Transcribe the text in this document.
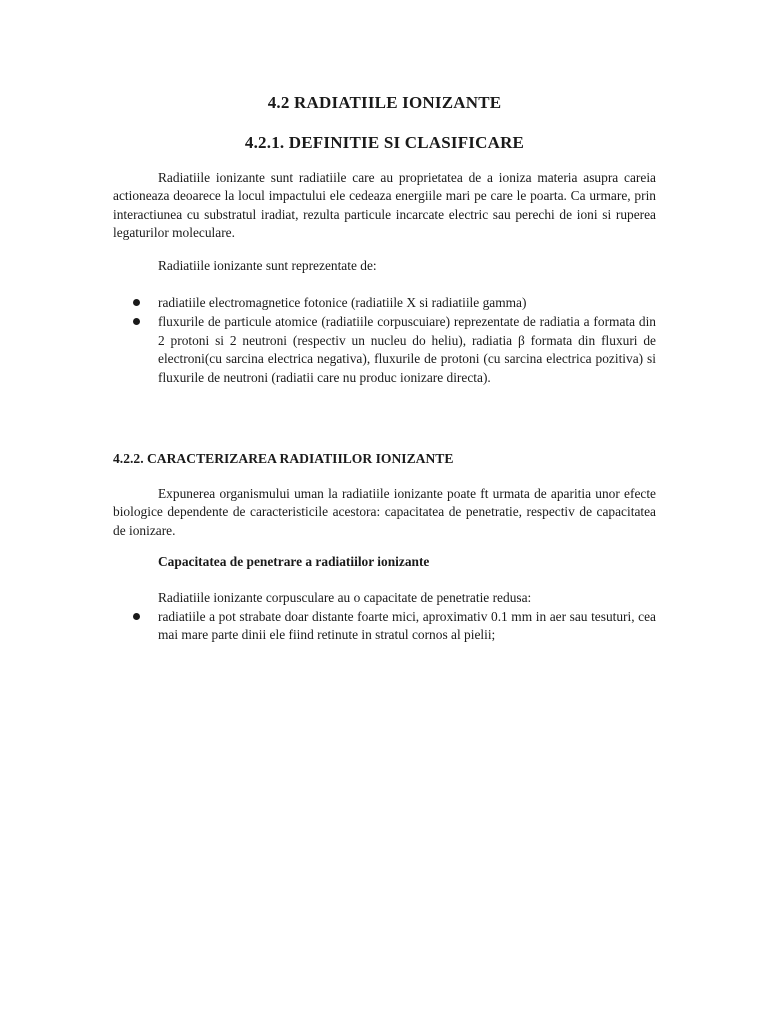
4.2 RADIATIILE IONIZANTE
4.2.1. DEFINITIE SI CLASIFICARE

Radiatiile ionizante sunt radiatiile care au proprietatea de a ioniza materia asupra careia actioneaza deoarece la locul impactului ele cedeaza energiile mari pe care le poarta. Ca urmare, prin interactiunea cu substratul iradiat, rezulta particule incarcate electric sau perechi de ioni si ruperea legaturilor moleculare.

Radiatiile ionizante sunt reprezentate de:

radiatiile electromagnetice fotonice (radiatiile X si radiatiile gamma)
fluxurile de particule atomice (radiatiile corpuscuiare) reprezentate de radiatia a formata din 2 protoni si 2 neutroni (respectiv un nucleu do heliu), radiatia β formata din fluxuri de electroni(cu sarcina electrica negativa), fluxurile de protoni (cu sarcina electrica pozitiva) si fluxurile de neutroni (radiatii care nu produc ionizare directa).

4.2.2. CARACTERIZAREA RADIATIILOR IONIZANTE

Expunerea organismului uman la radiatiile ionizante poate ft urmata de aparitia unor efecte biologice dependente de caracteristicile acestora: capacitatea de penetratie, respectiv de capacitatea de ionizare.

Capacitatea de penetrare a radiatiilor ionizante

Radiatiile ionizante corpusculare au o capacitate de penetratie redusa:

radiatiile a pot strabate doar distante foarte mici, aproximativ 0.1 mm in aer sau tesuturi, cea mai mare parte dinii ele fiind retinute in stratul cornos al pielii;
